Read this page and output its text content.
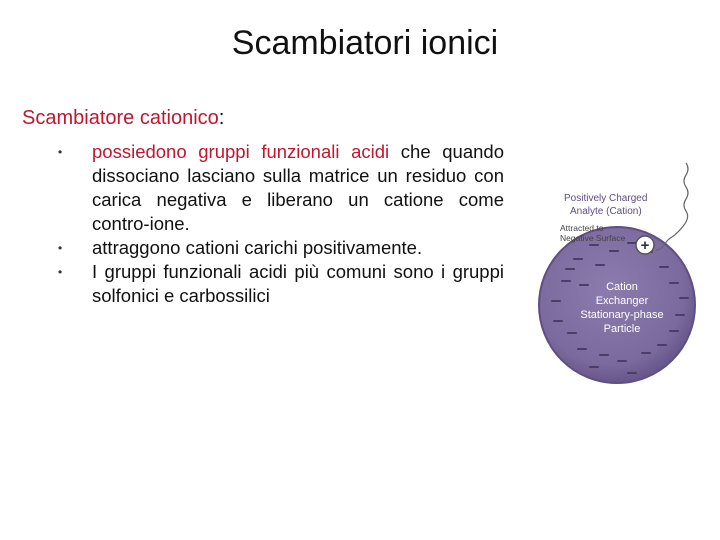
Scambiatori ionici
Scambiatore cationico:
• possiedono gruppi funzionali acidi che quando dissociano lasciano sulla matrice un residuo con carica negativa e liberano un catione come contro-ione.
• attraggono cationi carichi positivamente.
• I gruppi funzionali acidi più comuni sono i gruppi solfonici e carbossilici	Cation
Exchanger
Stationary-phase
Particle
Positively Charged
Analyte (Cation)
Attracted to
Negative Surface +
